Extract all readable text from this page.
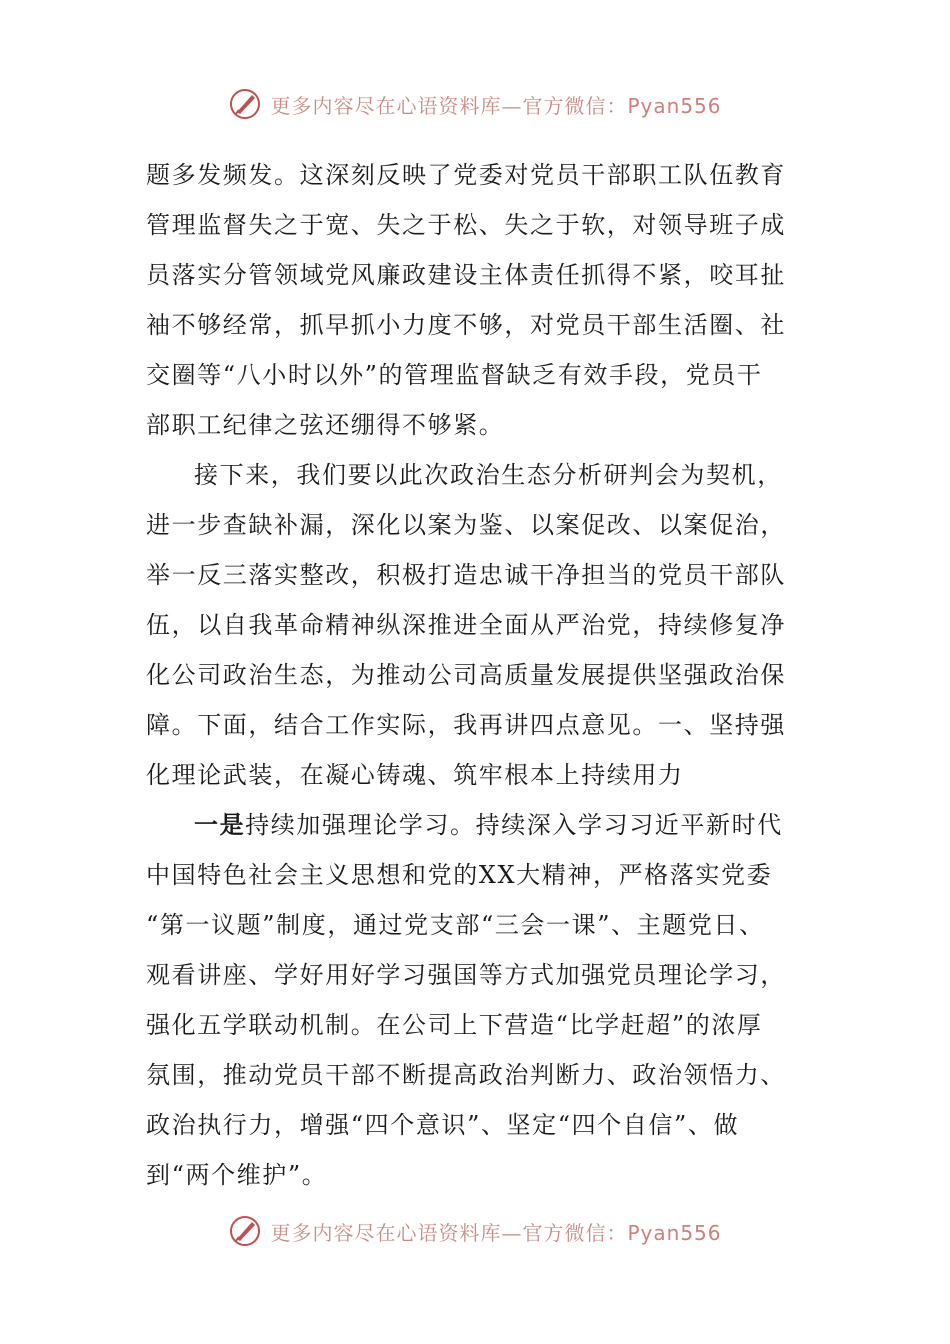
更多内容尽在心语资料库—官方微信：Pyan556

题多发频发。这深刻反映了党委对党员干部职工队伍教育
管理监督失之于宽、失之于松、失之于软，对领导班子成
员落实分管领域党风廉政建设主体责任抓得不紧，咬耳扯
袖不够经常，抓早抓小力度不够，对党员干部生活圈、社
交圈等“八小时以外”的管理监督缺乏有效手段，党员干
部职工纪律之弦还绷得不够紧。

接下来，我们要以此次政治生态分析研判会为契机，
进一步查缺补漏，深化以案为鉴、以案促改、以案促治，
举一反三落实整改，积极打造忠诚干净担当的党员干部队
伍，以自我革命精神纵深推进全面从严治党，持续修复净
化公司政治生态，为推动公司高质量发展提供坚强政治保
障。下面，结合工作实际，我再讲四点意见。一、坚持强
化理论武装，在凝心铸魂、筑牢根本上持续用力

一是持续加强理论学习。持续深入学习习近平新时代
中国特色社会主义思想和党的XX大精神，严格落实党委
“第一议题”制度，通过党支部“三会一课”、主题党日、
观看讲座、学好用好学习强国等方式加强党员理论学习，
强化五学联动机制。在公司上下营造“比学赶超”的浓厚
氛围，推动党员干部不断提高政治判断力、政治领悟力、
政治执行力，增强“四个意识”、坚定“四个自信”、做
到“两个维护”。

更多内容尽在心语资料库—官方微信：Pyan556
